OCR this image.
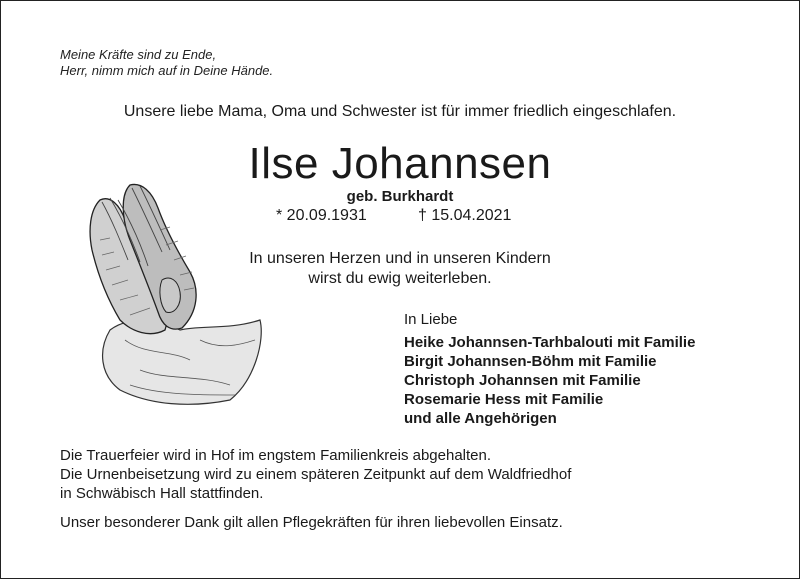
Meine Kräfte sind zu Ende,
Herr, nimm mich auf in Deine Hände.
Unsere liebe Mama, Oma und Schwester ist für immer friedlich eingeschlafen.
Ilse Johannsen
geb. Burkhardt
* 20.09.1931	† 15.04.2021
In unseren Herzen und in unseren Kindern
wirst du ewig weiterleben.
In Liebe
Heike Johannsen-Tarhbalouti mit Familie
Birgit Johannsen-Böhm mit Familie
Christoph Johannsen mit Familie
Rosemarie Hess mit Familie
und alle Angehörigen
Die Trauerfeier wird in Hof im engstem Familienkreis abgehalten.
Die Urnenbeisetzung wird zu einem späteren Zeitpunkt auf dem Waldfriedhof
in Schwäbisch Hall stattfinden.
Unser besonderer Dank gilt allen Pflegekräften für ihren liebevollen Einsatz.
